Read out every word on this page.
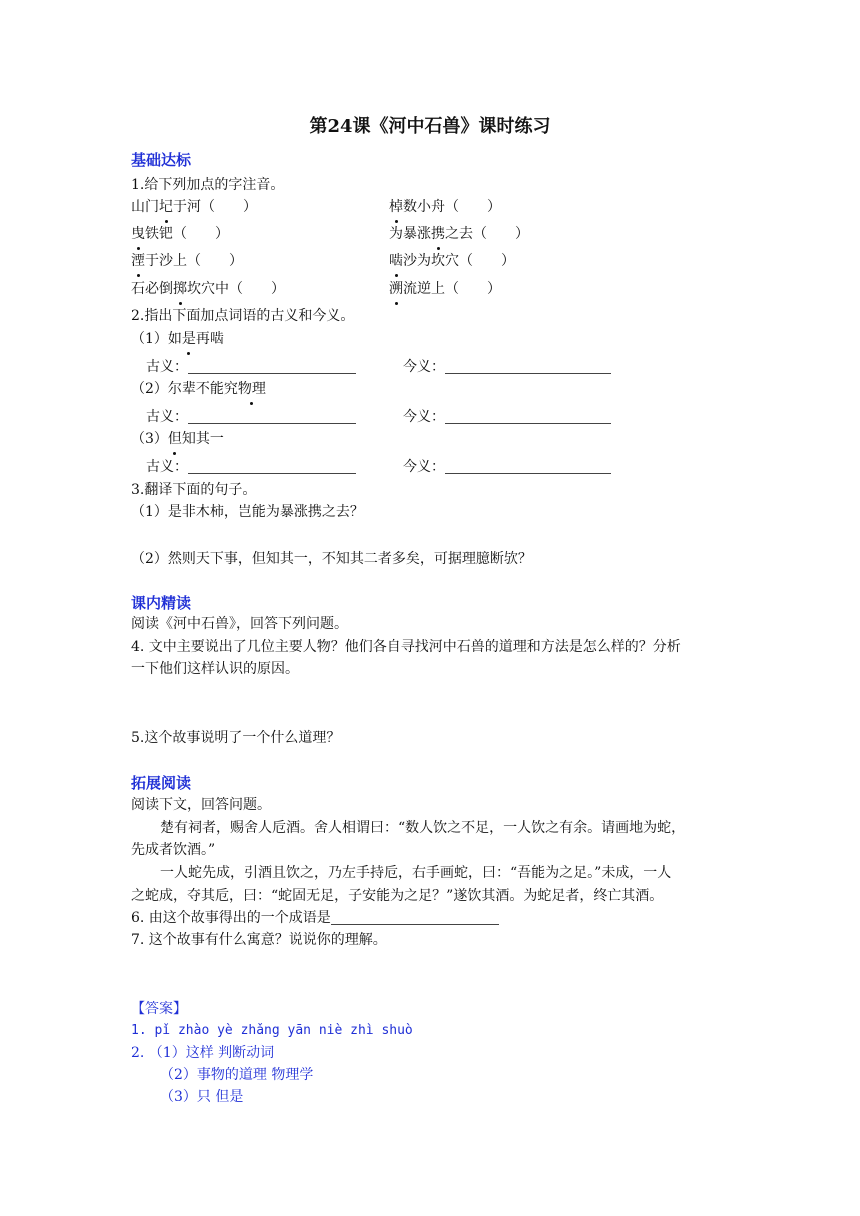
第24课《河中石兽》课时练习
基础达标
1.给下列加点的字注音。
山门圮于河（　　）	棹数小舟（　　）
曳铁钯（　　）	为暴涨携之去（　　）
湮于沙上（　　）	啮沙为坎穴（　　）
石必倒掷坎穴中（　　）	溯流逆上（　　）
2.指出下面加点词语的古义和今义。
（1）如是再啮
古义：	今义：
（2）尔辈不能究物理
古义：	今义：
（3）但知其一
古义：	今义：
3.翻译下面的句子。
（1）是非木柿，岂能为暴涨携之去？
（2）然则天下事，但知其一，不知其二者多矣，可据理臆断欤？
课内精读
阅读《河中石兽》，回答下列问题。
4. 文中主要说出了几位主要人物？他们各自寻找河中石兽的道理和方法是怎么样的？分析
一下他们这样认识的原因。
5.这个故事说明了一个什么道理？
拓展阅读
阅读下文，回答问题。
楚有祠者，赐舍人卮酒。舍人相谓曰：“数人饮之不足，一人饮之有余。请画地为蛇，
先成者饮酒。”
一人蛇先成，引酒且饮之，乃左手持卮，右手画蛇，曰：“吾能为之足。”未成，一人
之蛇成，夺其卮，曰：“蛇固无足，子安能为之足？”遂饮其酒。为蛇足者，终亡其酒。
6. 由这个故事得出的一个成语是
7. 这个故事有什么寓意？说说你的理解。
【答案】
1. pǐ zhào yè zhǎng yān niè zhì shuò
2. （1）这样 判断动词
（2）事物的道理 物理学
（3）只 但是
